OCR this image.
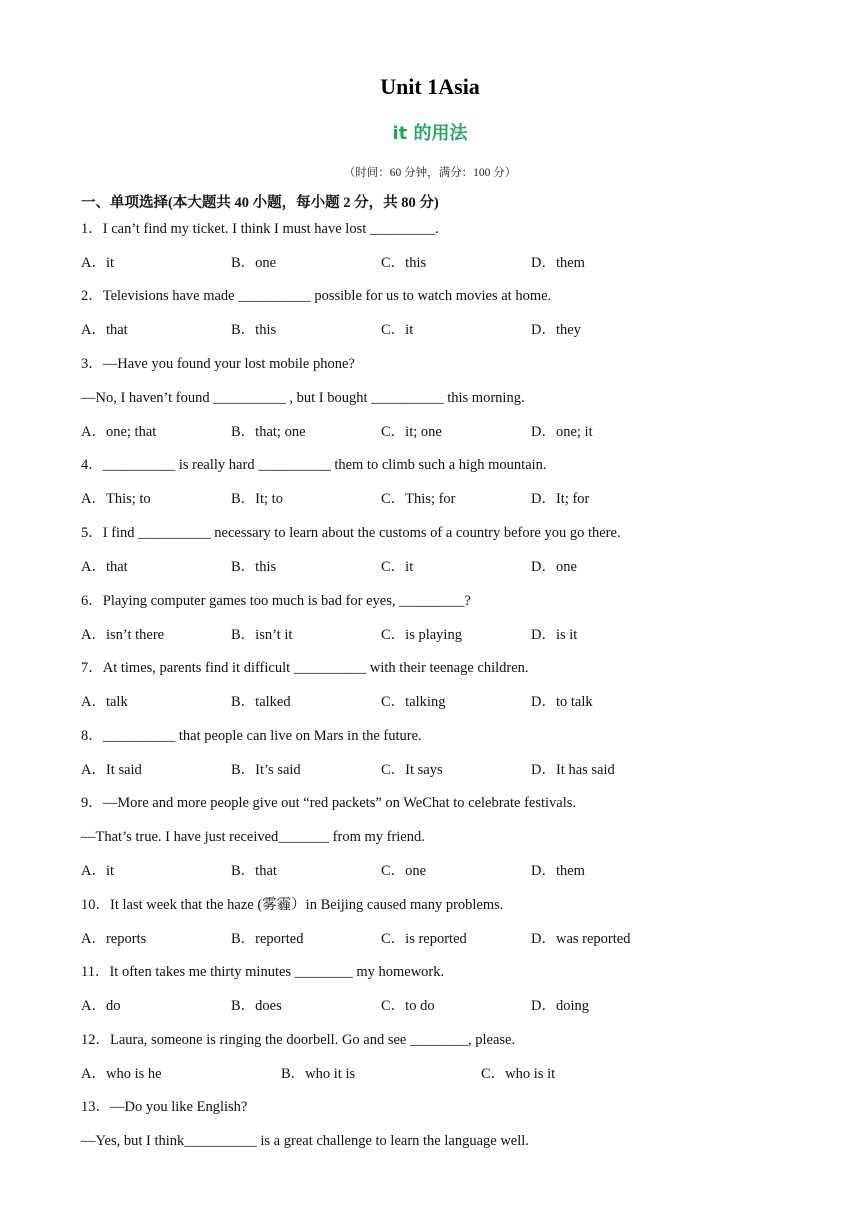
Unit 1Asia
it 的用法
（时间：60 分钟，满分：100 分）
一、单项选择(本大题共 40 小题，每小题 2 分，共 80 分)
1．I can’t find my ticket. I think I must have lost _________.
A．it	B．one	C．this	D．them
2．Televisions have made __________ possible for us to watch movies at home.
A．that	B．this	C．it	D．they
3．—Have you found your lost mobile phone?
—No, I haven’t found __________ , but I bought __________ this morning.
A．one; that	B．that; one	C．it; one	D．one; it
4．__________ is really hard __________ them to climb such a high mountain.
A．This; to	B．It; to	C．This; for	D．It; for
5．I find __________ necessary to learn about the customs of a country before you go there.
A．that	B．this	C．it	D．one
6．Playing computer games too much is bad for eyes, _________?
A．isn’t there	B．isn’t it	C．is playing	D．is it
7．At times, parents find it difficult __________ with their teenage children.
A．talk	B．talked	C．talking	D．to talk
8．__________ that people can live on Mars in the future.
A．It said	B．It’s said	C．It says	D．It has said
9．—More and more people give out “red packets” on WeChat to celebrate festivals.
—That’s true. I have just received_______ from my friend.
A．it	B．that	C．one	D．them
10．It last week that the haze (雾霾）in Beijing caused many problems.
A．reports	B．reported	C．is reported	D．was reported
11．It often takes me thirty minutes ________ my homework.
A．do	B．does	C．to do	D．doing
12．Laura, someone is ringing the doorbell. Go and see ________, please.
A．who is he	B．who it is	C．who is it
13．—Do you like English?
—Yes, but I think__________ is a great challenge to learn the language well.
